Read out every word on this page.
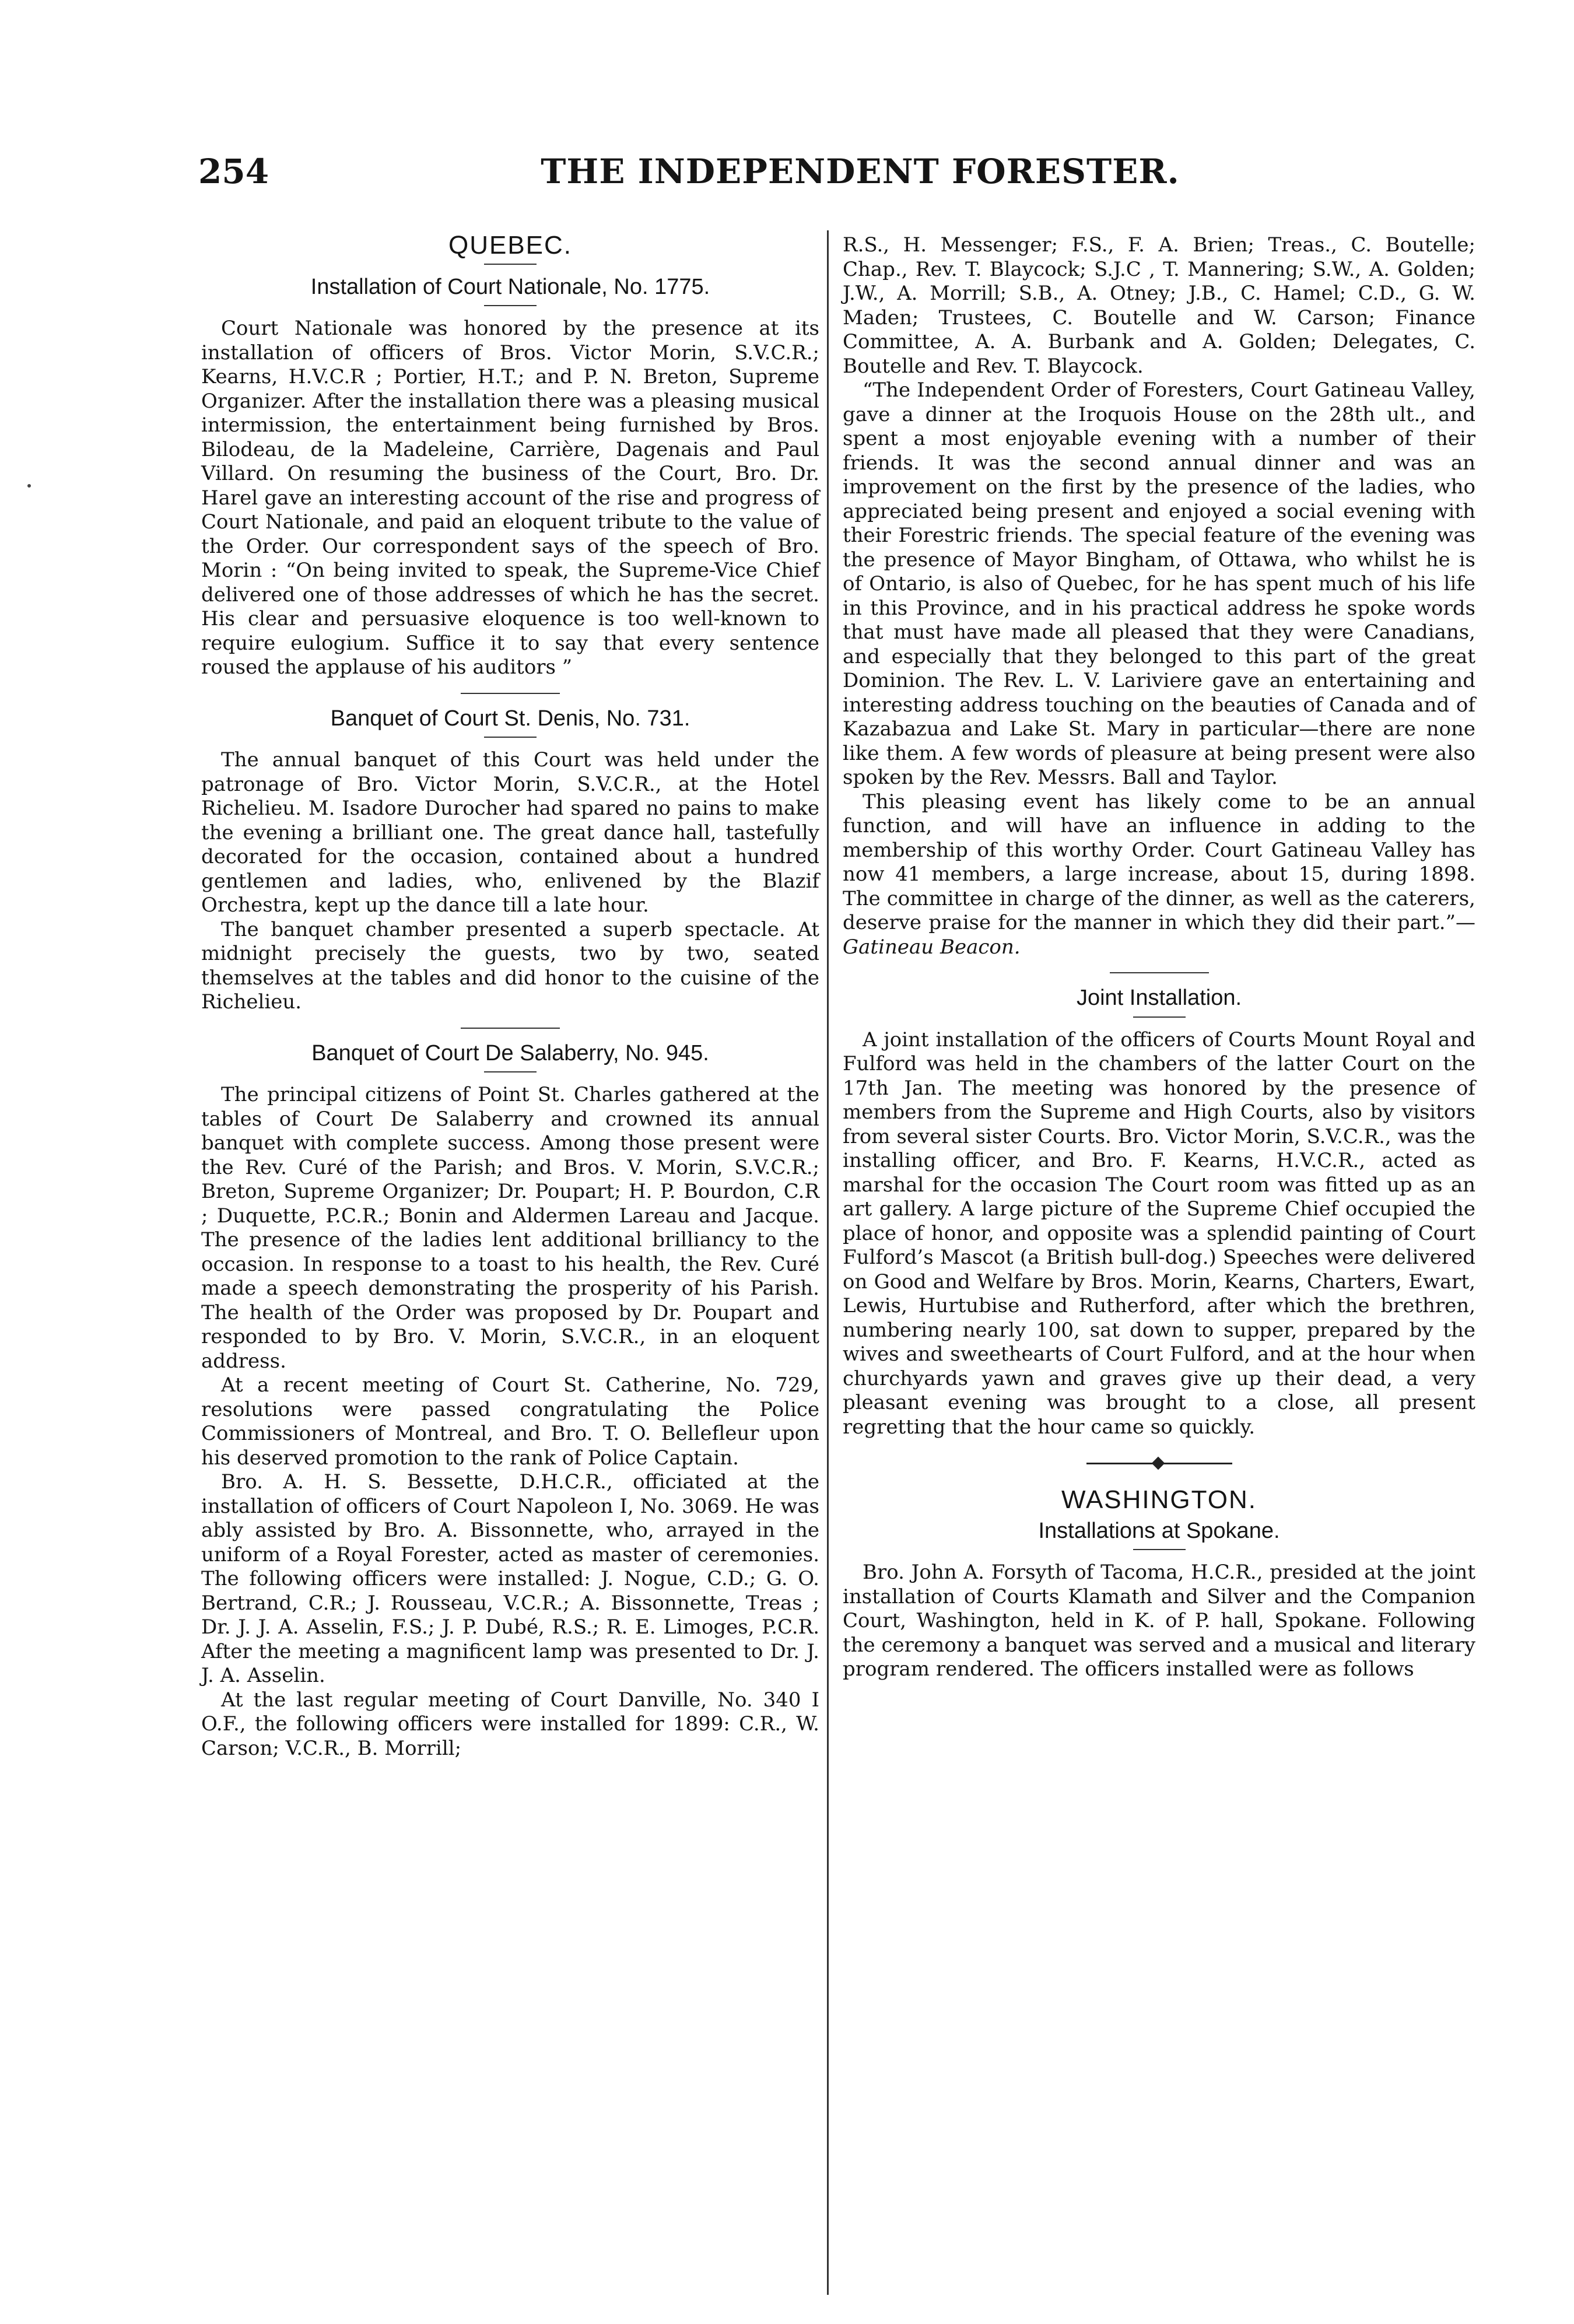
254	THE INDEPENDENT FORESTER.
QUEBEC.
Installation of Court Nationale, No. 1775.

Court Nationale was honored by the presence at its installation of officers of Bros. Victor Morin, S.V.C.R.; Kearns, H.V.C.R ; Portier, H.T.; and P. N. Breton, Supreme Organizer. After the installation there was a pleasing musical intermission, the entertainment being furnished by Bros. Bilodeau, de la Madeleine, Carrière, Dagenais and Paul Villard. On resuming the business of the Court, Bro. Dr. Harel gave an interesting account of the rise and progress of Court Nationale, and paid an eloquent tribute to the value of the Order. Our correspondent says of the speech of Bro. Morin : “On being invited to speak, the Supreme-Vice Chief delivered one of those addresses of which he has the secret. His clear and persuasive eloquence is too well-known to require eulogium. Suffice it to say that every sentence roused the applause of his auditors ”

Banquet of Court St. Denis, No. 731.

The annual banquet of this Court was held under the patronage of Bro. Victor Morin, S.V.C.R., at the Hotel Richelieu. M. Isadore Durocher had spared no pains to make the evening a brilliant one. The great dance hall, tastefully decorated for the occasion, contained about a hundred gentlemen and ladies, who, enlivened by the Blazif Orchestra, kept up the dance till a late hour.

The banquet chamber presented a superb spectacle. At midnight precisely the guests, two by two, seated themselves at the tables and did honor to the cuisine of the Richelieu.

Banquet of Court De Salaberry, No. 945.

The principal citizens of Point St. Charles gathered at the tables of Court De Salaberry and crowned its annual banquet with complete success. Among those present were the Rev. Curé of the Parish; and Bros. V. Morin, S.V.C.R.; Breton, Supreme Organizer; Dr. Poupart; H. P. Bourdon, C.R ; Duquette, P.C.R.; Bonin and Aldermen Lareau and Jacque. The presence of the ladies lent additional brilliancy to the occasion. In response to a toast to his health, the Rev. Curé made a speech demonstrating the prosperity of his Parish. The health of the Order was proposed by Dr. Poupart and responded to by Bro. V. Morin, S.V.C.R., in an eloquent address.

At a recent meeting of Court St. Catherine, No. 729, resolutions were passed congratulating the Police Commissioners of Montreal, and Bro. T. O. Bellefleur upon his deserved promotion to the rank of Police Captain.

Bro. A. H. S. Bessette, D.H.C.R., officiated at the installation of officers of Court Napoleon I, No. 3069. He was ably assisted by Bro. A. Bissonnette, who, arrayed in the uniform of a Royal Forester, acted as master of ceremonies. The following officers were installed: J. Nogue, C.D.; G. O. Bertrand, C.R.; J. Rousseau, V.C.R.; A. Bissonnette, Treas ; Dr. J. J. A. Asselin, F.S.; J. P. Dubé, R.S.; R. E. Limoges, P.C.R. After the meeting a magnificent lamp was presented to Dr. J. J. A. Asselin.

At the last regular meeting of Court Danville, No. 340 I O.F., the following officers were installed for 1899: C.R., W. Carson; V.C.R., B. Morrill;

R.S., H. Messenger; F.S., F. A. Brien; Treas., C. Boutelle; Chap., Rev. T. Blaycock; S.J.C , T. Mannering; S.W., A. Golden; J.W., A. Morrill; S.B., A. Otney; J.B., C. Hamel; C.D., G. W. Maden; Trustees, C. Boutelle and W. Carson; Finance Committee, A. A. Burbank and A. Golden; Delegates, C. Boutelle and Rev. T. Blaycock.

“The Independent Order of Foresters, Court Gatineau Valley, gave a dinner at the Iroquois House on the 28th ult., and spent a most enjoyable evening with a number of their friends. It was the second annual dinner and was an improvement on the first by the presence of the ladies, who appreciated being present and enjoyed a social evening with their Forestric friends. The special feature of the evening was the presence of Mayor Bingham, of Ottawa, who whilst he is of Ontario, is also of Quebec, for he has spent much of his life in this Province, and in his practical address he spoke words that must have made all pleased that they were Canadians, and especially that they belonged to this part of the great Dominion. The Rev. L. V. Lariviere gave an entertaining and interesting address touching on the beauties of Canada and of Kazabazua and Lake St. Mary in particular—there are none like them. A few words of pleasure at being present were also spoken by the Rev. Messrs. Ball and Taylor.

This pleasing event has likely come to be an annual function, and will have an influence in adding to the membership of this worthy Order. Court Gatineau Valley has now 41 members, a large increase, about 15, during 1898. The committee in charge of the dinner, as well as the caterers, deserve praise for the manner in which they did their part.”—Gatineau Beacon.

Joint Installation.

A joint installation of the officers of Courts Mount Royal and Fulford was held in the chambers of the latter Court on the 17th Jan. The meeting was honored by the presence of members from the Supreme and High Courts, also by visitors from several sister Courts. Bro. Victor Morin, S.V.C.R., was the installing officer, and Bro. F. Kearns, H.V.C.R., acted as marshal for the occasion The Court room was fitted up as an art gallery. A large picture of the Supreme Chief occupied the place of honor, and opposite was a splendid painting of Court Fulford’s Mascot (a British bull-dog.) Speeches were delivered on Good and Welfare by Bros. Morin, Kearns, Charters, Ewart, Lewis, Hurtubise and Rutherford, after which the brethren, numbering nearly 100, sat down to supper, prepared by the wives and sweethearts of Court Fulford, and at the hour when churchyards yawn and graves give up their dead, a very pleasant evening was brought to a close, all present regretting that the hour came so quickly.

WASHINGTON.
Installations at Spokane.

Bro. John A. Forsyth of Tacoma, H.C.R., presided at the joint installation of Courts Klamath and Silver and the Companion Court, Washington, held in K. of P. hall, Spokane. Following the ceremony a banquet was served and a musical and literary program rendered. The officers installed were as follows
